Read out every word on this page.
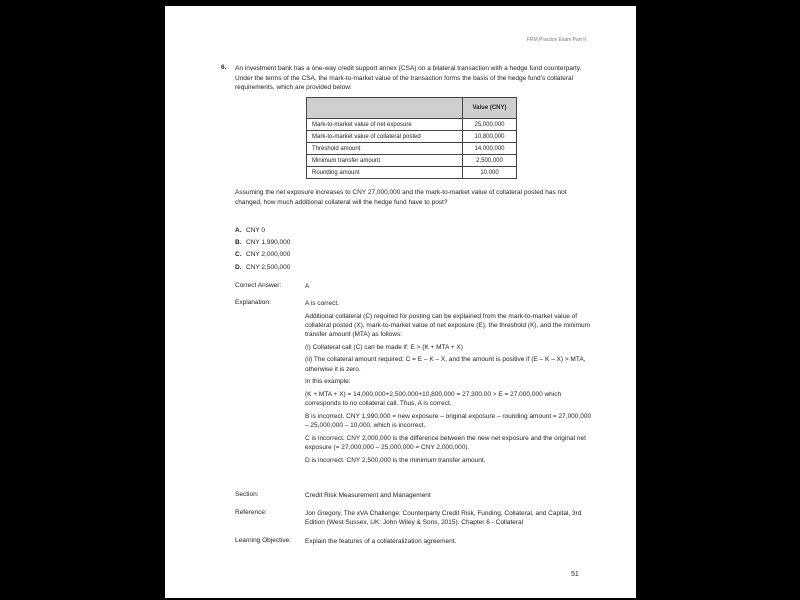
FRM Practice Exam Part II
6. An investment bank has a one-way credit support annex (CSA) on a bilateral transaction with a hedge fund counterparty. Under the terms of the CSA, the mark-to-market value of the transaction forms the basis of the hedge fund’s collateral requirements, which are provided below:
	Value (CNY)
Mark-to-market value of net exposure	25,000,000
Mark-to-market value of collateral posted	10,800,000
Threshold amount	14,000,000
Minimum transfer amount	2,500,000
Rounding amount	10,000
Assuming the net exposure increases to CNY 27,000,000 and the mark-to-market value of collateral posted has not changed, how much additional collateral will the hedge fund have to post?
A. CNY 0
B. CNY 1,990,000
C. CNY 2,000,000
D. CNY 2,500,000
Correct Answer:	A
Explanation:	A is correct.

Additional collateral (C) required for posting can be explained from the mark-to-market value of collateral posted (X), mark-to-market value of net exposure (E), the threshold (K), and the minimum transfer amount (MTA) as follows:

(i) Collateral call (C) can be made if: E > (K + MTA + X)

(ii) The collateral amount required: C = E – K – X, and the amount is positive if (E – K – X) > MTA, otherwise it is zero.

In this example:

(K + MTA + X) = 14,000,000+2,500,000+10,800,000 = 27,300,00 > E = 27,000,000 which corresponds to no collateral call. Thus, A is correct.

B is incorrect. CNY 1,990,000 = new exposure – original exposure – rounding amount = 27,000,000 – 25,000,000 – 10,000, which is incorrect.

C is incorrect. CNY 2,000,000 is the difference between the new net exposure and the original net exposure (= 27,000,000 – 25,000,000 = CNY 2,000,000).

D is incorrect. CNY 2,500,000 is the minimum transfer amount.

Section:	Credit Risk Measurement and Management
Reference:	Jon Gregory, The xVA Challenge: Counterparty Credit Risk, Funding, Collateral, and Capital, 3rd Edition (West Sussex, UK: John Wiley & Sons, 2015). Chapter 6 - Collateral
Learning Objective: Explain the features of a collateralization agreement.
51
